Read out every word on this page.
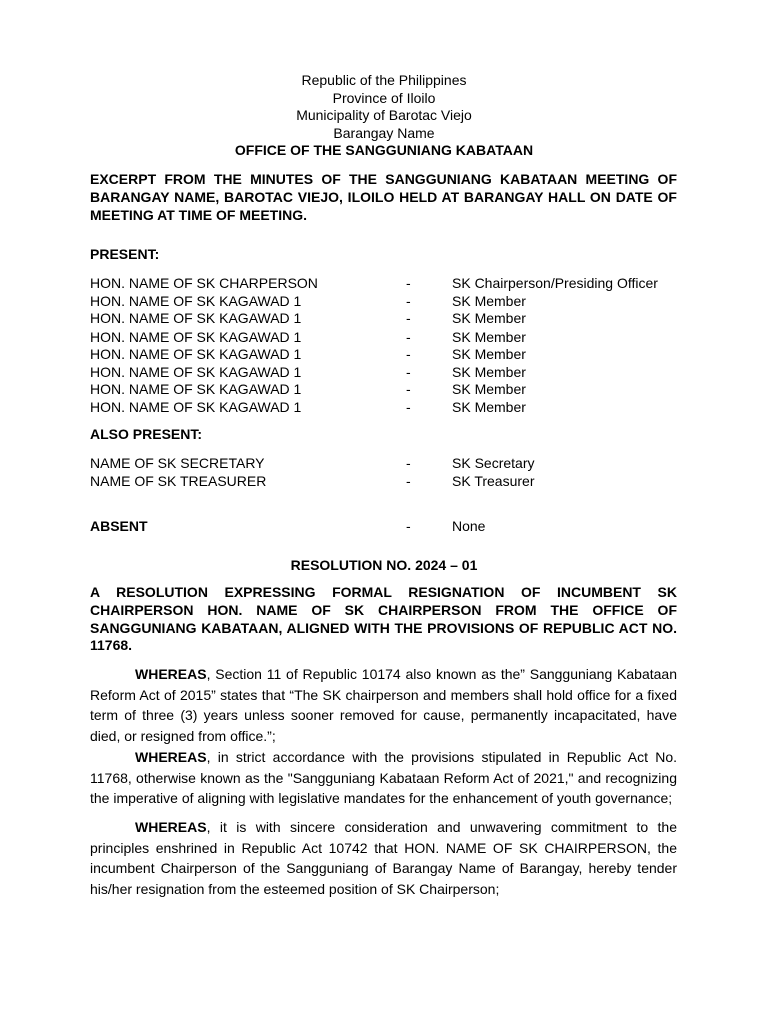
Republic of the Philippines
Province of Iloilo
Municipality of Barotac Viejo
Barangay Name
OFFICE OF THE SANGGUNIANG KABATAAN
EXCERPT FROM THE MINUTES OF THE SANGGUNIANG KABATAAN MEETING OF BARANGAY NAME, BAROTAC VIEJO, ILOILO HELD AT BARANGAY HALL ON DATE OF MEETING AT TIME OF MEETING.
PRESENT:
HON. NAME OF SK CHARPERSON	-	SK Chairperson/Presiding Officer
HON. NAME OF SK KAGAWAD 1	-	SK Member
HON. NAME OF SK KAGAWAD 1	-	SK Member
HON. NAME OF SK KAGAWAD 1	-	SK Member
HON. NAME OF SK KAGAWAD 1	-	SK Member
HON. NAME OF SK KAGAWAD 1	-	SK Member
HON. NAME OF SK KAGAWAD 1	-	SK Member
HON. NAME OF SK KAGAWAD 1	-	SK Member
ALSO PRESENT:
NAME OF SK SECRETARY	-	SK Secretary
NAME OF SK TREASURER	-	SK Treasurer
ABSENT	-	None
RESOLUTION NO. 2024 – 01
A RESOLUTION EXPRESSING FORMAL RESIGNATION OF INCUMBENT SK CHAIRPERSON HON. NAME OF SK CHAIRPERSON FROM THE OFFICE OF SANGGUNIANG KABATAAN, ALIGNED WITH THE PROVISIONS OF REPUBLIC ACT NO. 11768.
WHEREAS, Section 11 of Republic 10174 also known as the” Sangguniang Kabataan Reform Act of 2015” states that “The SK chairperson and members shall hold office for a fixed term of three (3) years unless sooner removed for cause, permanently incapacitated, have died, or resigned from office.”;
WHEREAS, in strict accordance with the provisions stipulated in Republic Act No. 11768, otherwise known as the "Sangguniang Kabataan Reform Act of 2021," and recognizing the imperative of aligning with legislative mandates for the enhancement of youth governance;
WHEREAS, it is with sincere consideration and unwavering commitment to the principles enshrined in Republic Act 10742 that HON. NAME OF SK CHAIRPERSON, the incumbent Chairperson of the Sangguniang of Barangay Name of Barangay, hereby tender his/her resignation from the esteemed position of SK Chairperson;
